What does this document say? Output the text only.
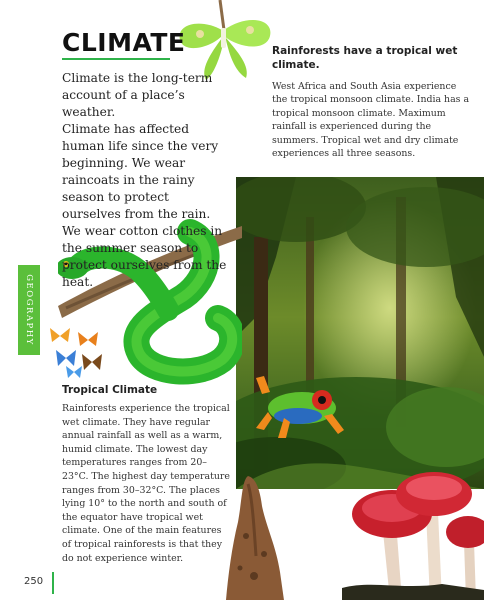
CLIMATE

Climate is the long-term account of a place’s weather.

Climate has affected human life since the very beginning. We wear raincoats in the rainy season to protect ourselves from the rain. We wear cotton clothes in the summer season to protect ourselves from the heat.

Rainforests have a tropical wet climate.
West Africa and South Asia experience the tropical monsoon climate. India has a tropical monsoon climate. Maximum rainfall is experienced during the summers. Tropical wet and dry climate experiences all three seasons.
GEOGRAPHY
Tropical Climate
Rainforests experience the tropical wet climate. They have regular annual rainfall as well as a warm, humid climate. The lowest day temperatures ranges from 20–23°C. The highest day temperature ranges from 30–32°C. The places lying 10° to the north and south of the equator have tropical wet climate. One of the main features of tropical rainforests is that they do not experience winter.
250
